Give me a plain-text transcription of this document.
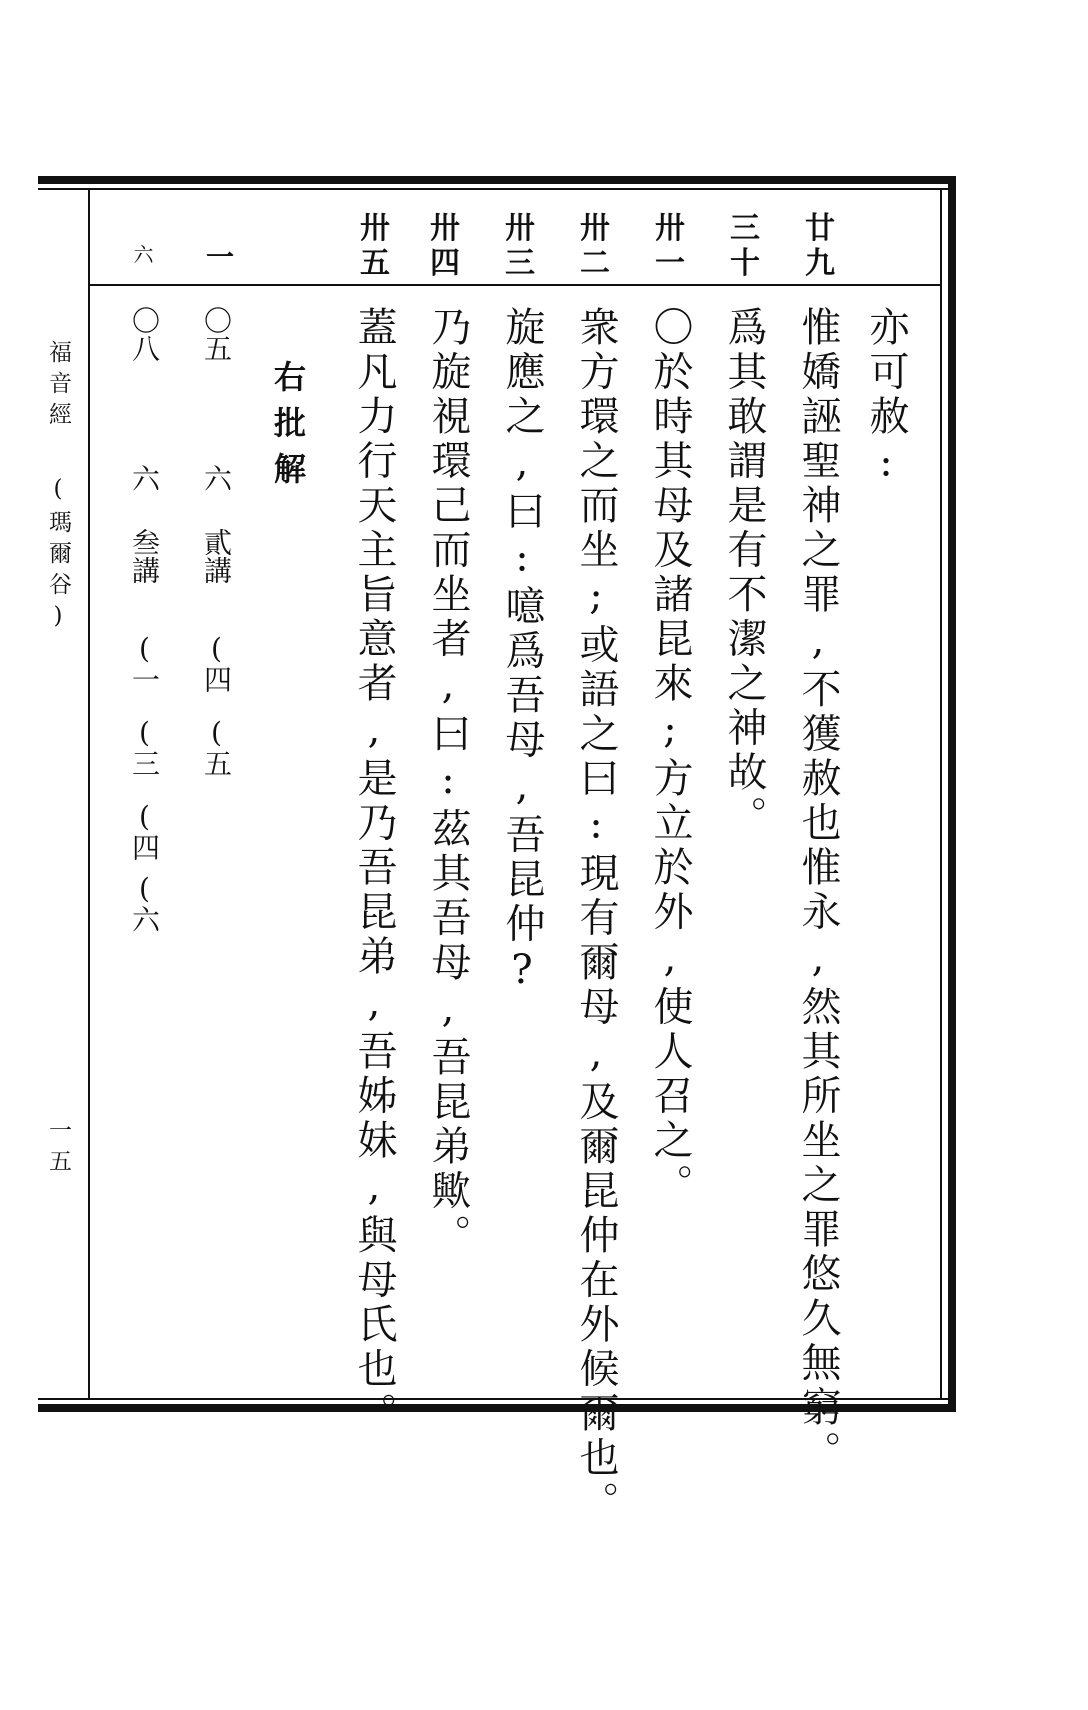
福音經
(瑪爾谷)
一五
廿
九
三
十
卅
一
卅
二
卅
三
卅
四
卅
五
一
六
亦可赦:
惟嬌誣聖神之罪,不獲赦也惟永,然其所坐之罪悠久無窮。
爲其敢謂是有不潔之神故。
〇於時其母及諸昆來;方立於外,使人召之。
衆方環之而坐;或語之曰:現有爾母,及爾昆仲在外候爾也。
旋應之,曰:噫爲吾母,吾昆仲?
乃旋視環己而坐者,曰:茲其吾母,吾昆弟歟。
蓋凡力行天主旨意者,是乃吾昆弟,吾姊妹,與母氏也。
右批解
〇五
六
貳講
(四
(五
〇八
六
叁講
(一
(三
(四
(六
